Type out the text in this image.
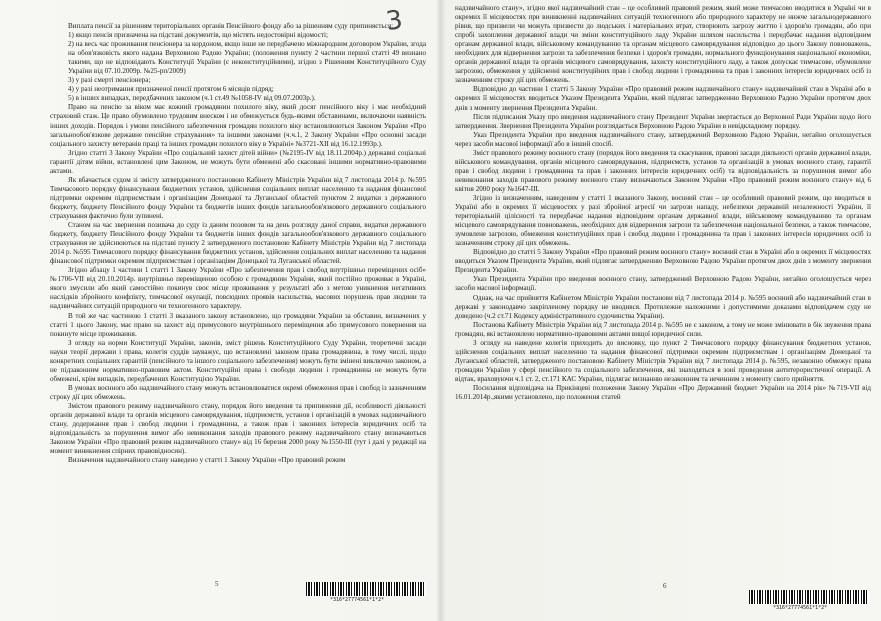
Виплата пенсії за рішенням територіальних органів Пенсійного фонду або за рішенням суду припиняється:

1) якщо пенсія призначена на підставі документів, що містять недостовірні відомості;

2) на весь час проживання пенсіонера за кордоном, якщо інше не передбачено міжнародним договором України, згода на обов'язковість якого надана Верховною Радою України; (положення пункту 2 частини першої статті 49 визнано такими, що не відповідають Конституції України (є неконституційними), згідно з Рішенням Конституційного Суду України від 07.10.2009р. №25-рп/2009)

3) у разі смерті пенсіонера;

4) у разі неотримання призначеної пенсії протягом 6 місяців підряд;

5) в інших випадках, передбачених законом (ч.1 ст.49 №1058-IV від 09.07.2003р.).

Право на пенсію за віком має кожний громадянин похилого віку, який досяг пенсійного віку і має необхідний страховий стаж. Це право обумовлено трудовим внеском і не обмежується будь-якими обставинами, включаючи наявність інших доходів. Порядок і умови пенсійного забезпечення громадян похилого віку встановлюються Законом України «Про загальнообов'язкове державне пенсійне страхування» та іншими законами (ч.ч.1, 2 Закону України «Про основні засади соціального захисту ветеранів праці та інших громадян похилого віку в Україні» №3721-XII від 16.12.1993р.).

Згідно статті 3 Закону України «Про соціальний захист дітей війни» (№2195-IV від 18.11.2004р.) державні соціальні гарантії дітям війни, встановлені цим Законом, не можуть бути обмежені або скасовані іншими нормативно-правовими актами.

Як вбачається судом зі змісту затвердженого постановою Кабінету Міністрів України від 7 листопада 2014 р. №595 Тимчасового порядку фінансування бюджетних установ, здійснення соціальних виплат населенню та надання фінансової підтримки окремим підприємствам і організаціям Донецької та Луганської областей пунктом 2 видатки з державного бюджету, бюджету Пенсійного фонду України та бюджетів інших фондів загальнообов'язкового державного соціального страхування фактично були зупинені.

Станом на час звернення позивача до суду із даним позовом та на день розгляду даної справи, видатки державного бюджету, бюджету Пенсійного фонду України та бюджетів інших фондів загальнообов'язкового державного соціального страхування не здійснюються на підставі пункту 2 затвердженого постановою Кабінету Міністрів України від 7 листопада 2014 р. №595 Тимчасового порядку фінансування бюджетних установ, здійснення соціальних виплат населенню та надання фінансової підтримки окремим підприємствам і організаціям Донецької та Луганської областей.

Згідно абзацу 1 частини 1 статті 1 Закону України «Про забезпечення прав і свобод внутрішньо переміщених осіб» №1706-VII від 20.10.2014р. внутрішньо переміщеною особою є громадянин України, який постійно проживає в Україні, якого змусили або який самостійно покинув своє місце проживання у результаті або з метою уникнення негативних наслідків збройного конфлікту, тимчасової окупації, повсюдних проявів насильства, масових порушень прав людини та надзвичайних ситуацій природного чи техногенного характеру.

В той же час частиною 1 статті 3 вказаного закону встановлено, що громадяни України за обставин, визначених у статті 1 цього Закону, має право на захист від примусового внутрішнього переміщення або примусового повернення на покинуте місце проживання.

З огляду на норми Конституції України, законів, зміст рішень Конституційного Суду України, теоретичні засади науки теорії держави і права, колегія суддів зауважує, що встановлені законом права громадянина, в тому числі, щодо конкретних соціальних гарантій (пенсійного та іншого соціального забезпечення) можуть бути змінені виключно законом, а не підзаконним нормативно-правовим актом. Конституційні права і свободи людини і громадянина не можуть бути обмежені, крім випадків, передбачених Конституцією України.

В умовах воєнного або надзвичайного стану можуть встановлюватися окремі обмеження прав і свобод із зазначенням строку дії цих обмежень.

Змістом правового режиму надзвичайного стану, порядок його введення та припинення дії, особливості діяльності органів державної влади та органів місцевого самоврядування, підприємств, установ і організацій в умовах надзвичайного стану, додержання прав і свобод людини і громадянина, а також прав і законних інтересів юридичних осіб та відповідальність за порушення вимог або невиконання заходів правового режиму надзвичайного стану визначаються Законом України «Про правовий режим надзвичайного стану» від 16 березня 2000 року №1550-III (тут і далі у редакції на момент виникнення спірних правовідносин).

Визначення надзвичайного стану наведено у статті 1 Закону України «Про правовий режим

3
5
*316*27774561*1*2*

надзвичайного стану», згідно якої надзвичайний стан – це особливий правовий режим, який може тимчасово вводитися в Україні чи в окремих її місцевостях при виникненні надзвичайних ситуацій техногенного або природного характеру не нижче загальнодержавного рівня, що призвели чи можуть призвести до людських і матеріальних втрат, створюють загрозу життю і здоров'ю громадян, або при спробі захоплення державної влади чи зміни конституційного ладу України шляхом насильства і передбачає надання відповідним органам державної влади, військовому командуванню та органам місцевого самоврядування відповідно до цього Закону повноважень, необхідних для відвернення загрози та забезпечення безпеки і здоров'я громадян, нормального функціонування національної економіки, органів державної влади та органів місцевого самоврядування, захисту конституційного ладу, а також допускає тимчасове, обумовлене загрозою, обмеження у здійсненні конституційних прав і свобод людини і громадянина та прав і законних інтересів юридичних осіб із зазначенням строку дії цих обмежень.

Відповідно до частини 1 статті 5 Закону України «Про правовий режим надзвичайного стану» надзвичайний стан в Україні або в окремих її місцевостях вводиться Указом Президента України, який підлягає затвердженню Верховною Радою України протягом двох днів з моменту звернення Президента України.

Після підписання Указу про введення надзвичайного стану Президент України звертається до Верховної Ради України щодо його затвердження. Звернення Президента України розглядається Верховною Радою України в невідкладному порядку.

Указ Президента України про введення надзвичайного стану, затверджений Верховною Радою України, негайно оголошується через засоби масової інформації або в інший спосіб.

Зміст правового режиму воєнного стану (порядок його введення та скасування, правові засади діяльності органів державної влади, військового командування, органів місцевого самоврядування, підприємств, установ та організацій в умовах воєнного стану, гарантії прав і свобод людини і громадянина та прав і законних інтересів юридичних осіб) та відповідальність за порушення вимог або невиконання заходів правового режиму воєнного стану визначаються Законом України «Про правовий режим воєнного стану» від 6 квітня 2000 року №1647-III.

Згідно із визначенням, наведеним у статті 1 вказаного Закону, воєнний стан – це особливий правовий режим, що вводиться в Україні або в окремих її місцевостях у разі збройної агресії чи загрози нападу, небезпеки державній незалежності України, її територіальній цілісності та передбачає надання відповідним органам державної влади, військовому командуванню та органам місцевого самоврядування повноважень, необхідних для відвернення загрози та забезпечення національної безпеки, а також тимчасове, зумовлене загрозою, обмеження конституційних прав і свобод людини і громадянина та прав і законних інтересів юридичних осіб із зазначенням строку дії цих обмежень.

Відповідно до статті 5 Закону України «Про правовий режим воєнного стану» воєнний стан в Україні або в окремих її місцевостях вводиться Указом Президента України, який підлягає затвердженню Верховною Радою України протягом двох днів з моменту звернення Президента України.

Указ Президента України про введення воєнного стану, затверджений Верховною Радою України, негайно оголошується через засоби масової інформації.

Однак, на час прийняття Кабінетом Міністрів України постанови від 7 листопада 2014 р. №595 воєнний або надзвичайний стан в державі у законодавчо закріпленому порядку не вводився. Протилежне належними і допустимими доказами відповідачем суду не доведено (ч.2 ст.71 Кодексу адміністративного судочинства України).

Постанова Кабінету Міністрів України від 7 листопада 2014 р. №595 не є законом, а тому не може змінювати в бік звуження права громадян, які встановлено нормативно-правовими актами вищої юридичної сили.

З огляду на наведене колегія приходить до висновку, що пункт 2 Тимчасового порядку фінансування бюджетних установ, здійснення соціальних виплат населенню та надання фінансової підтримки окремим підприємствам і організаціям Донецької та Луганської областей, затвердженого постановою Кабінету Міністрів України від 7 листопада 2014 р. №595, незаконно обмежує права громадян України у сфері пенсійного та соціального забезпечення, які знаходяться в зоні проведення антитерористичної операції. А відтак, враховуючи ч.1 ст. 2, ст.171 КАС України, підлягає визнанню незаконним та нечинним з моменту свого прийняття.

Посилання відповідача на Прикінцеві положення Закону України «Про Державний бюджет України на 2014 рік» №719-VII від 16.01.2014р.,якими установлено, що положення статей

6
*316*27774561*1*2*
